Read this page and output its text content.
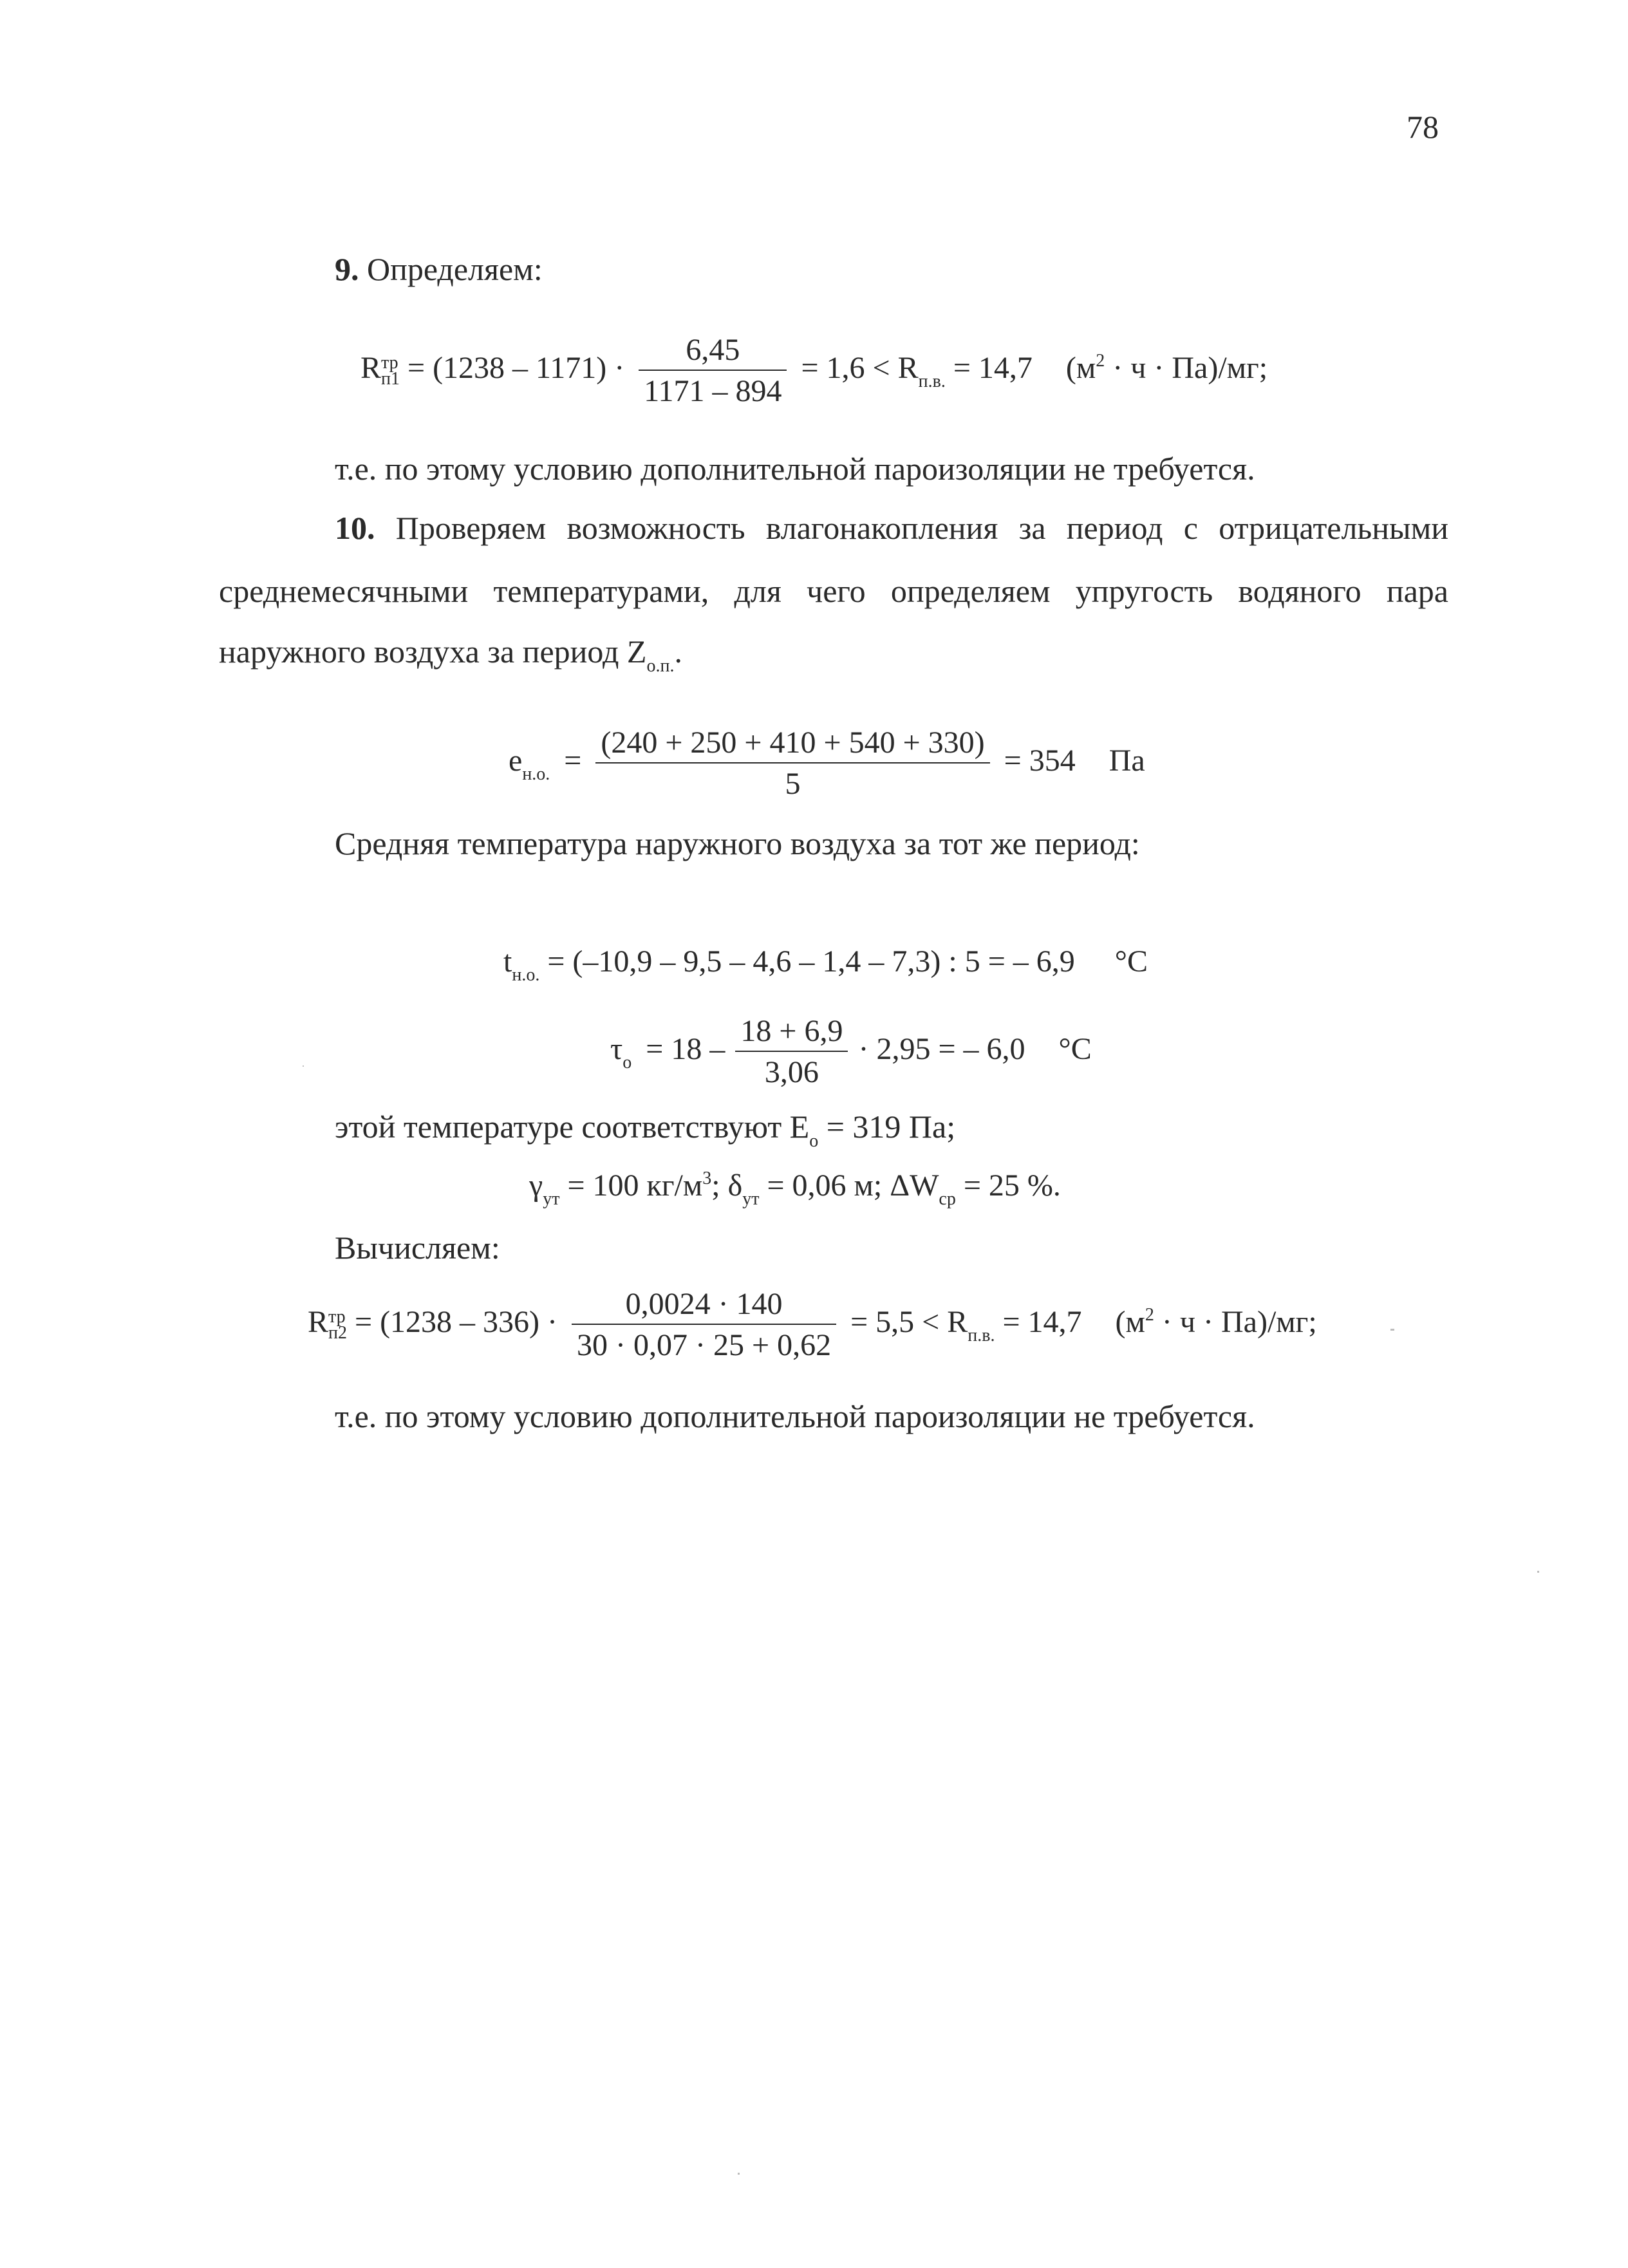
78
9. Определяем:
R тр
$п1 = (1238 - 1171) \cdot \frac{6,45}{1171 - 894} = 1,6 < R_{п.в.} = 14,7$ $(м^2 \cdot ч \cdot Па)/мг$;
т.е. по этому условию дополнительной пароизоляции не требуется.
10. Проверяем возможность влагонакопления за период с отрицательными
среднемесячными температурами, для чего определяем упругость водяного пара
наружного воздуха за период $Z_{о.п.}$.
$e_{н.о.} = \frac{(240 + 250 + 410 + 540 + 330)}{5} = 354$ Па
Средняя температура наружного воздуха за тот же период:
$t_{н.о.} = (-10,9 - 9,5 - 4,6 - 1,4 - 7,3)$ : 5 = – 6,9 °C
$\tau_о = 18 - \frac{18 + 6,9}{3,06} \cdot 2,95$ = – 6,0 °C
этой температуре соответствуют $E_о = 319$ Па;
$\gamma_{ут} = 100$ $кг/м^3$; $\delta_{ут} = 0,06$ м; $\Delta W_{ср} = 25$ %.
Вычисляем:
R тр
$п2 = (1238 - 336) \cdot \frac{0,0024 \cdot 140}{30 \cdot 0,07 \cdot 25 + 0,62} = 5,5 < R_{п.в.} = 14,7$ $(м^2 \cdot ч \cdot Па)/мг$;
т.е. по этому условию дополнительной пароизоляции не требуется.
